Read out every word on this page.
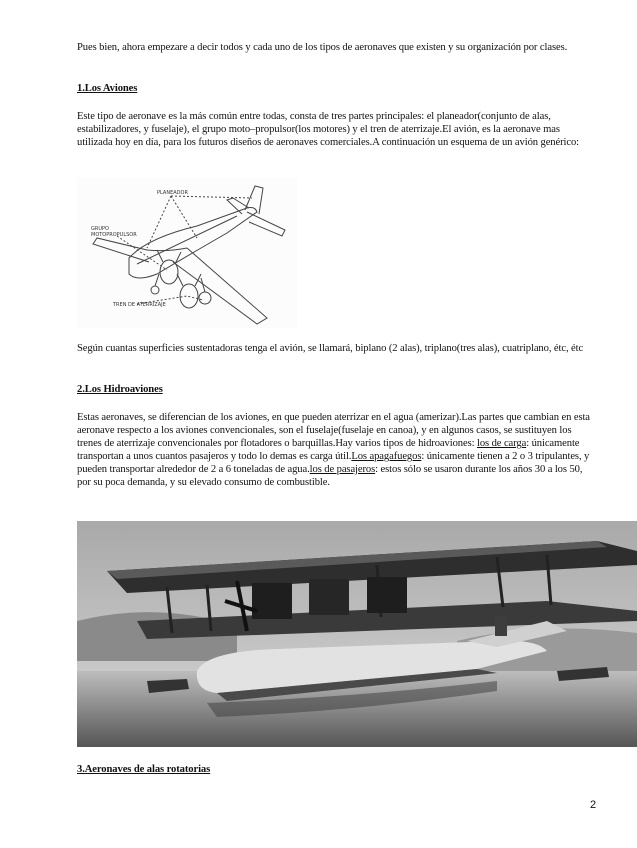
Pues bien, ahora empezare a decir todos y cada uno de los tipos de aeronaves que existen y su organización por clases.

1.Los Aviones

Este tipo de aeronave es la más común entre todas, consta de tres partes principales: el planeador(conjunto de alas, estabilizadores, y fuselaje), el grupo moto–propulsor(los motores) y el tren de aterrizaje.El avión, es la aeronave mas utilizada hoy en día, para los futuros diseños de aeronaves comerciales.A continuación un esquema de un avión genérico:

PLANEADOR
GRUPO
MOTOPROPULSOR
TREN DE ATERRIZAJE

Según cuantas superficies sustentadoras tenga el avión, se llamará, biplano (2 alas), triplano(tres alas), cuatriplano, étc, étc

2.Los Hidroaviones

Estas aeronaves, se diferencian de los aviones, en que pueden aterrizar en el agua (amerizar).Las partes que cambian en esta aeronave respecto a los aviones convencionales, son el fuselaje(fuselaje en canoa), y en algunos casos, se sustituyen los trenes de aterrizaje convencionales por flotadores o barquillas.Hay varios tipos de hidroaviones: los de carga: únicamente transportan a unos cuantos pasajeros y todo lo demas es carga útil.Los apagafuegos: únicamente tienen a 2 o 3 tripulantes, y pueden transportar alrededor de 2 a 6 toneladas de agua.los de pasajeros: estos sólo se usaron durante los años 30 a los 50, por su poca demanda, y su elevado consumo de combustible.

3.Aeronaves de alas rotatorias
2
